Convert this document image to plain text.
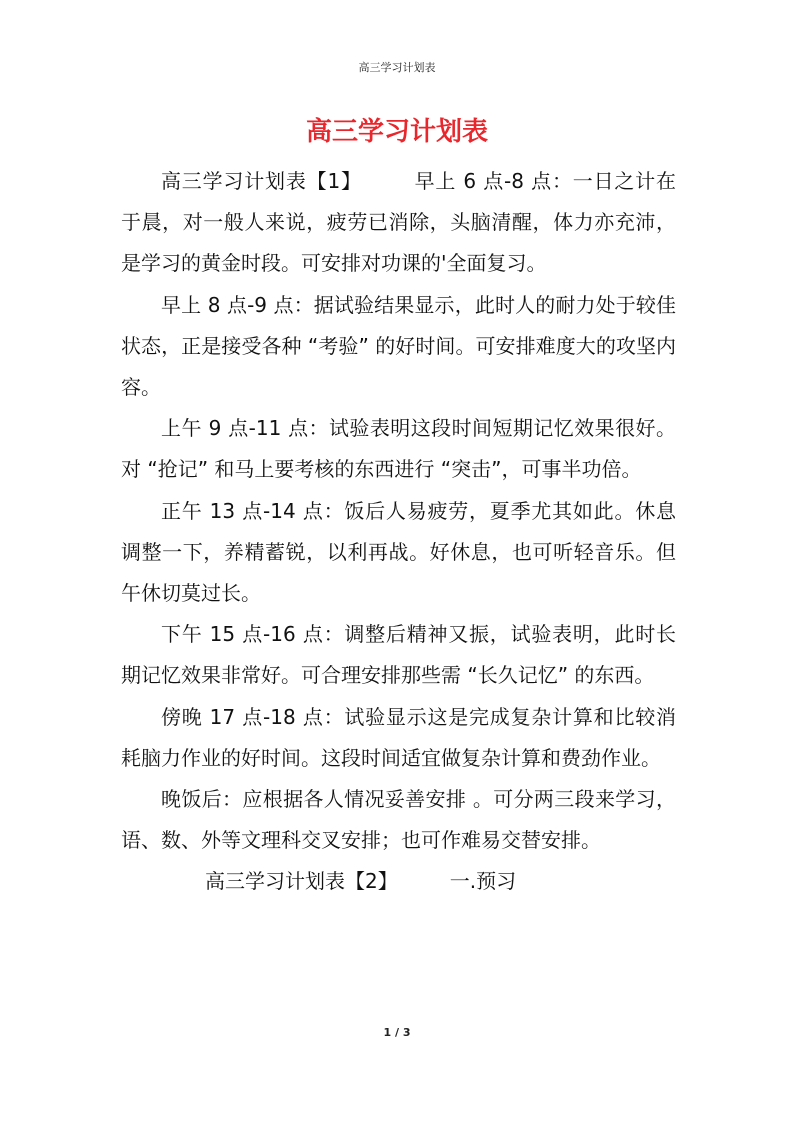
高三学习计划表
高三学习计划表

高三学习计划表【1】	早上 6 点-8 点：一日之计在于晨，对一般人来说，疲劳已消除，头脑清醒，体力亦充沛，是学习的黄金时段。可安排对功课的'全面复习。

早上 8 点-9 点：据试验结果显示，此时人的耐力处于较佳状态，正是接受各种 “考验” 的好时间。可安排难度大的攻坚内容。

上午 9 点-11 点：试验表明这段时间短期记忆效果很好。对 “抢记” 和马上要考核的东西进行 “突击”，可事半功倍。

正午 13 点-14 点：饭后人易疲劳，夏季尤其如此。休息调整一下，养精蓄锐，以利再战。好休息，也可听轻音乐。但午休切莫过长。

下午 15 点-16 点：调整后精神又振，试验表明，此时长期记忆效果非常好。可合理安排那些需 “长久记忆” 的东西。

傍晚 17 点-18 点：试验显示这是完成复杂计算和比较消耗脑力作业的好时间。这段时间适宜做复杂计算和费劲作业。

晚饭后：应根据各人情况妥善安排 。可分两三段来学习，语、数、外等文理科交叉安排；也可作难易交替安排。

高三学习计划表【2】	一.预习

1 / 3
